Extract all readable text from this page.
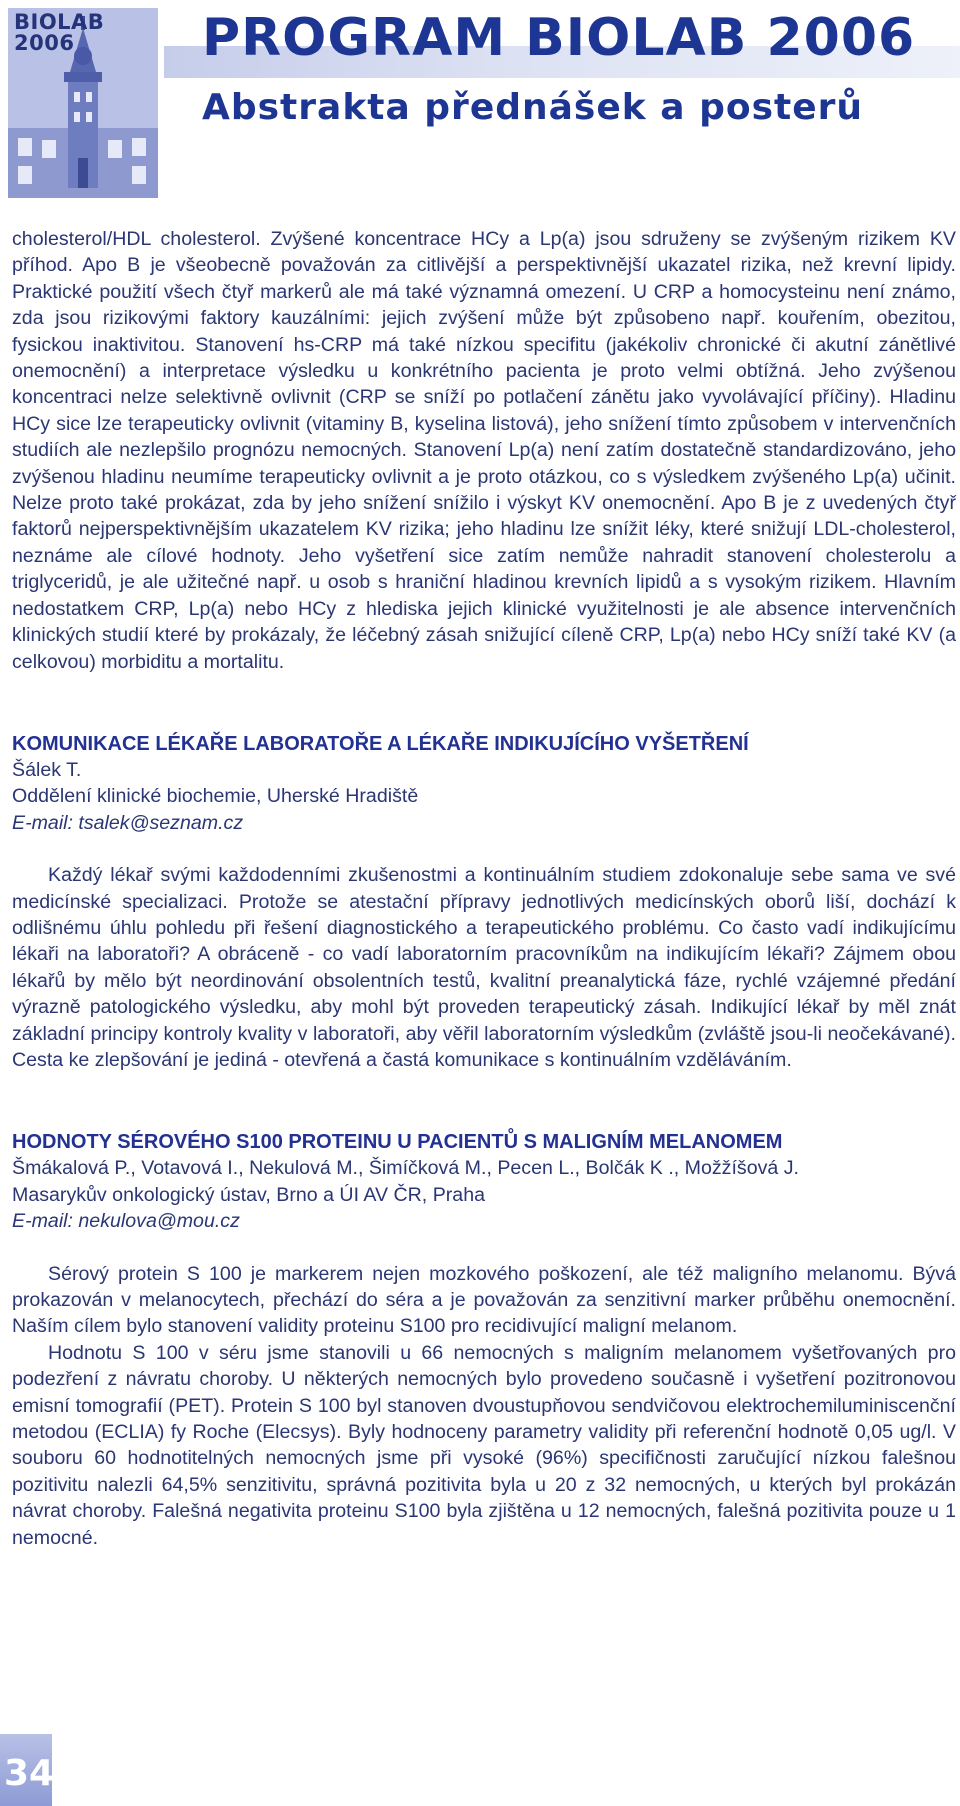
BIOLAB
2006	PROGRAM BIOLAB 2006
Abstrakta přednášek a posterů

cholesterol/HDL cholesterol. Zvýšené koncentrace HCy a Lp(a) jsou sdruženy se zvýšeným rizikem KV příhod. Apo B je všeobecně považován za citlivější a perspektivnější ukazatel rizika, než krevní lipidy. Praktické použití všech čtyř markerů ale má také významná omezení. U CRP a homocysteinu není známo, zda jsou rizikovými faktory kauzálními: jejich zvýšení může být způsobeno např. kouřením, obezitou, fysickou inaktivitou. Stanovení hs-CRP má také nízkou specifitu (jakékoliv chronické či akutní zánětlivé onemocnění) a interpretace výsledku u konkrétního pacienta je proto velmi obtížná. Jeho zvýšenou koncentraci nelze selektivně ovlivnit (CRP se sníží po potlačení zánětu jako vyvolávající příčiny). Hladinu HCy sice lze terapeuticky ovlivnit (vitaminy B, kyselina listová), jeho snížení tímto způsobem v intervenčních studiích ale nezlepšilo prognózu nemocných. Stanovení Lp(a) není zatím dostatečně standardizováno, jeho zvýšenou hladinu neumíme terapeuticky ovlivnit a je proto otázkou, co s výsledkem zvýšeného Lp(a) učinit. Nelze proto také prokázat, zda by jeho snížení snížilo i výskyt KV onemocnění. Apo B je z uvedených čtyř faktorů nejperspektivnějším ukazatelem KV rizika; jeho hladinu lze snížit léky, které snižují LDL-cholesterol, neznáme ale cílové hodnoty. Jeho vyšetření sice zatím nemůže nahradit stanovení cholesterolu a triglyceridů, je ale užitečné např. u osob s hraniční hladinou krevních lipidů a s vysokým rizikem. Hlavním nedostatkem CRP, Lp(a) nebo HCy z hlediska jejich klinické využitelnosti je ale absence intervenčních klinických studií které by prokázaly, že léčebný zásah snižující cíleně CRP, Lp(a) nebo HCy sníží také KV (a celkovou) morbiditu a mortalitu.

KOMUNIKACE LÉKAŘE LABORATOŘE A LÉKAŘE INDIKUJÍCÍHO VYŠETŘENÍ

Šálek T.

Oddělení klinické biochemie, Uherské Hradiště

E-mail: tsalek@seznam.cz

Každý lékař svými každodenními zkušenostmi a kontinuálním studiem zdokonaluje sebe sama ve své medicínské specializaci. Protože se atestační přípravy jednotlivých medicínských oborů liší, dochází k odlišnému úhlu pohledu při řešení diagnostického a terapeutického problému. Co často vadí indikujícímu lékaři na laboratoři? A obráceně - co vadí laboratorním pracovníkům na indikujícím lékaři? Zájmem obou lékařů by mělo být neordinování obsolentních testů, kvalitní preanalytická fáze, rychlé vzájemné předání výrazně patologického výsledku, aby mohl být proveden terapeutický zásah. Indikující lékař by měl znát základní principy kontroly kvality v laboratoři, aby věřil laboratorním výsledkům (zvláště jsou-li neočekávané). Cesta ke zlepšování je jediná - otevřená a častá komunikace s kontinuálním vzděláváním.

HODNOTY SÉROVÉHO S100 PROTEINU U PACIENTŮ S MALIGNÍM MELANOMEM

Šmákalová P., Votavová I., Nekulová M., Šimíčková M., Pecen L., Bolčák K ., Možžíšová J.

Masarykův onkologický ústav, Brno a ÚI AV ČR, Praha

E-mail: nekulova@mou.cz

Sérový protein S 100 je markerem nejen mozkového poškození, ale též maligního melanomu. Bývá prokazován v melanocytech, přechází do séra a je považován za senzitivní marker průběhu onemocnění. Naším cílem bylo stanovení validity proteinu S100 pro recidivující maligní melanom.

Hodnotu S 100 v séru jsme stanovili u 66 nemocných s maligním melanomem vyšetřovaných pro podezření z návratu choroby. U některých nemocných bylo provedeno současně i vyšetření pozitronovou emisní tomografií (PET). Protein S 100 byl stanoven dvoustupňovou sendvičovou elektrochemiluminiscenční metodou (ECLIA) fy Roche (Elecsys). Byly hodnoceny parametry validity při referenční hodnotě 0,05 ug/l. V souboru 60 hodnotitelných nemocných jsme při vysoké (96%) specifičnosti zaručující nízkou falešnou pozitivitu nalezli 64,5% senzitivitu, správná pozitivita byla u 20 z 32 nemocných, u kterých byl prokázán návrat choroby. Falešná negativita proteinu S100 byla zjištěna u 12 nemocných, falešná pozitivita pouze u 1 nemocné.

34
